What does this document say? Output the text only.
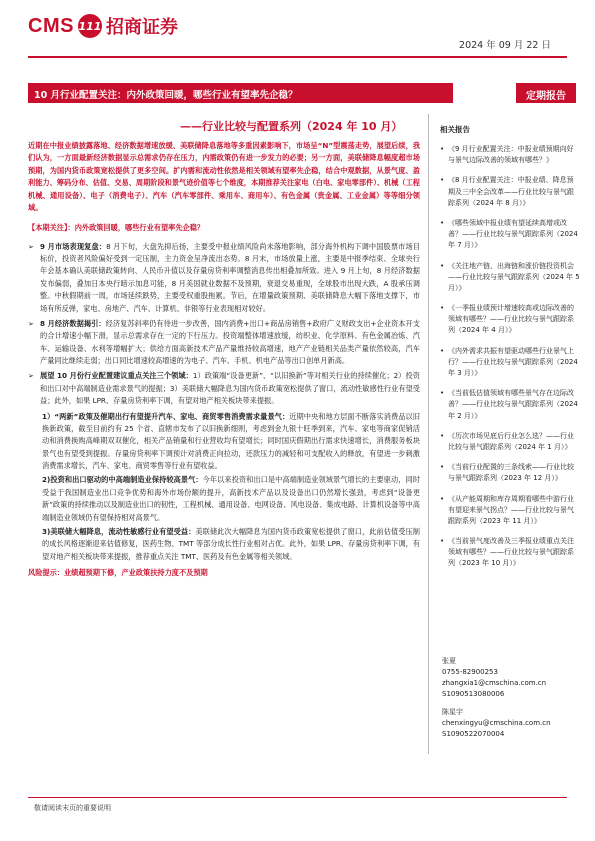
CMS 111 招商证券
2024 年 09 月 22 日
10 月行业配置关注：内外政策回暖，哪些行业有望率先企稳？	定期报告
——行业比较与配置系列（2024 年 10 月）
近期在中报业绩披露落地、经济数据增速放缓、美联储降息落地等多重因素影响下，市场呈“N”型震荡走势，展望后续，我们认为，一方面最新经济数据显示总需求仍存在压力，内需政策仍有进一步发力的必要；另一方面，美联储降息幅度超市场预期，为国内货币政策宽松提供了更多空间。扩内需和流动性依然是相关领域有望率先企稳，结合中观数据，从景气度、盈利能力、筹码分布、估值、交易、周期阶段和景气迹价值等七个维度，本期推荐关注家电（白电、家电零部件）、机械（工程机械、通用设备）、电子（消费电子）、汽车（汽车零部件、乘用车、商用车）、有色金属（贵金属、工业金属）等等细分领域。
【本期关注】：内外政策回暖，哪些行业有望率先企稳？
➢ 9 月市场表现复盘：8 月下旬，大盘先抑后扬，主要受中报业绩风险尚未落地影响，部分海外机构下调中国股票市场目标价，投资者风险偏好受到一定压制，主力资金呈净流出态势。8 月末，市场放量上涨，主要是中报季结束、全球央行年会基本确认美联储政策转向、人民币升值以及存量房贷利率调整消息传出相叠加所致。进入 9 月上旬，8 月经济数据发布偏弱，叠加日本央行暗示加息可能，8 月美国就业数据不及预期，衰退交易重现，全球股市出现大跌，A 股承压调整。中秋假期前一周，市场延续跌势，主要受权重股拖累。节后，在增量政策预期、美联储降息大幅下落地支撑下，市场有所反弹，家电、房地产、汽车、计算机、非银等行业表现相对较好。
➢ 8 月经济数据揭引：经济复苏斜率仍有待进一步改善，国内消费+出口+商品房销售+政府广义财政支出+企业资本开支的合计增速小幅下滑，显示总需求存在一定的下行压力。投资端整体增速放缓，纺织业、化学原料、有色金属冶炼、汽车、运输设备、水利等增幅扩大；供给方面高新技术产品产量维持较高增速，地产产业链相关品类产量依然较高，汽车产量同比继续走弱；出口同比增速较高增速的为电子、汽车、手机、机电产品等出口创单月新高。
➢ 展望 10 月份行业配置建议重点关注三个领域：1）政策端“设备更新”、“以旧换新”等对相关行业的持续催化；2）投资和出口对中高端制造业需求景气的提振；3）美联储大幅降息为国内货币政策宽松提供了窗口，流动性敏感性行业有望受益；此外，如果 LPR、存量房贷利率下调，有望对地产相关板块带来提振。
1）“两新”政策及催期出行有望提升汽车、家电、商贸零售消费需求量景气：近期中央和地方层面不断落实消费品以旧换新政策，截至目前约有 25 个省、直辖市发布了以旧换新细则，考虑到金九银十旺季到来，汽车、家电等商家促销活动和消费换购高峰期双双催化，相关产品销量和行业营收均有望增长；同时国庆假期出行需求快速增长，消费服务板块景气也有望受到提振。存量房贷利率下调预计对消费正向拉动，还款压力的减轻和可支配收入的释放，有望进一步刺激消费需求增长，汽车、家电、商贸零售等行业有望收益。
2)投资和出口驱动的中高端制造业保持较高景气：今年以来投资和出口是中高端制造业领域景气增长的主要驱动，同时受益于我国制造业出口竞争优势和海外市场份额的提升，高新技术产品以及设备出口仍然增长强劲，考虑到“设备更新”政策的持续推动以及制造业出口的韧性，工程机械、通用设备、电网设备、风电设备、集成电路、计算机设备等中高端制造业领域仍有望保持相对高景气。
3)美联储大幅降息，流动性敏感行业有望受益：美联储此次大幅降息为国内货币政策宽松提供了窗口，此前估值受压制的成长风格逐渐迎来估值修复，医药生物、TMT 等部分成长性行业相对占优。此外，如果 LPR、存量房贷利率下调，有望对地产相关板块带来提振，推荐重点关注 TMT、医药及有色金属等相关领域。
风险提示：业绩超预期下修，产业政策扶持力度不及预期
相关报告
• 《9 月行业配置关注：中报业绩预期向好与景气边际改善的领域有哪些？》
• 《8 月行业配置关注：中报业绩、降息预期及三中全会改革——行业比较与景气跟踪系列（2024 年 8 月）》
• 《哪些领域中报业绩有望延续高增或改善？——行业比较与景气跟踪系列（2024 年 7 月）》
• 《关注地产链、出海链和涨价链投资机会——行业比较与景气跟踪系列（2024 年 5 月）》
• 《一季报业绩预计增速较高或边际改善的领域有哪些？——行业比较与景气跟踪系列（2024 年 4 月）》
• 《内外需求共振有望驱动哪些行业景气上行？——行业比较与景气跟踪系列（2024 年 3 月）》
• 《当前低估值领域有哪些景气存在边际改善？——行业比较与景气跟踪系列（2024 年 2 月）》
• 《历次市场见底后行业怎么选？——行业比较与景气跟踪系列（2024 年 1 月）》
• 《当前行业配置的三条线索——行业比较与景气跟踪系列（2023 年 12 月）》
• 《从产能周期和库存周期看哪些中游行业有望迎来景气拐点？——行业比较与景气跟踪系列（2023 年 11 月）》
• 《当前景气度改善及三季报业绩重点关注领域有哪些？——行业比较与景气跟踪系列（2023 年 10 月）》
张夏
0755-82900253
zhangxia1@cmschina.com.cn
S1090513080006
陈星宇
chenxingyu@cmschina.com.cn
S1090522070004
敬请阅读末页的重要说明
